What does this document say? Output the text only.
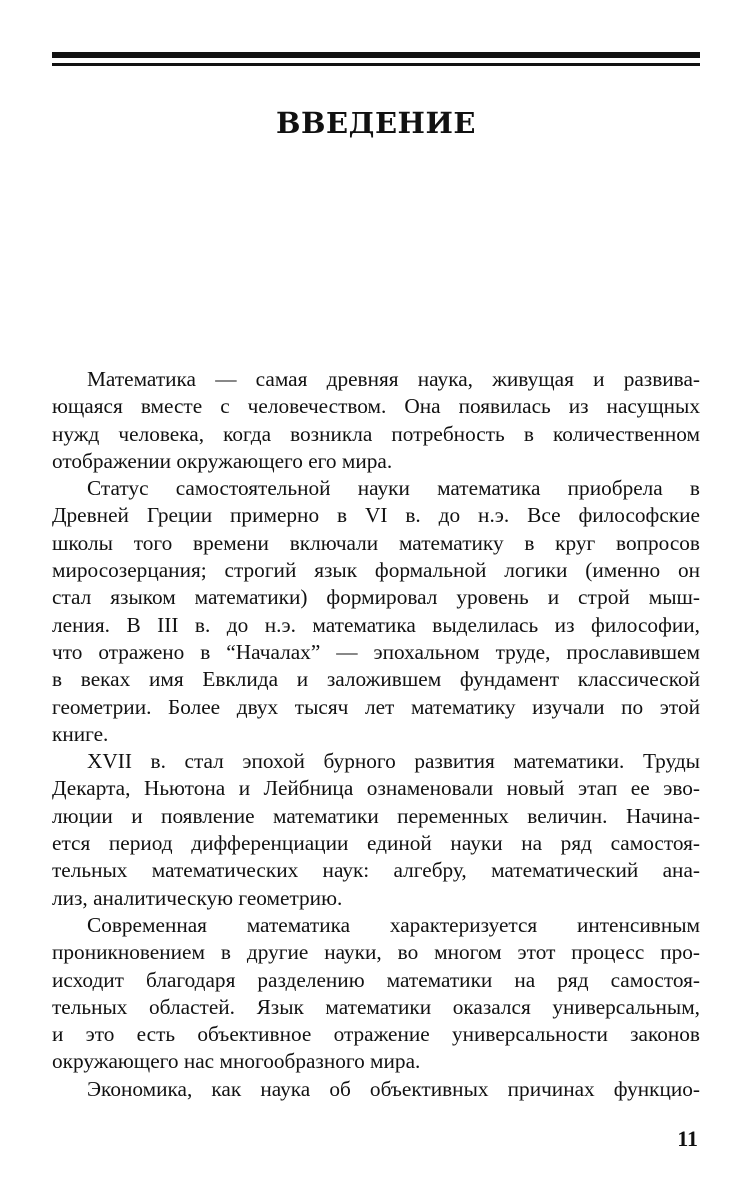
ВВЕДЕНИЕ

Математика — самая древняя наука, живущая и развива-
ющаяся вместе с человечеством. Она появилась из насущных
нужд человека, когда возникла потребность в количественном
отображении окружающего его мира.

Статус самостоятельной науки математика приобрела в
Древней Греции примерно в VI в. до н.э. Все философские
школы того времени включали математику в круг вопросов
миросозерцания; строгий язык формальной логики (именно он
стал языком математики) формировал уровень и строй мыш-
ления. В III в. до н.э. математика выделилась из философии,
что отражено в “Началах” — эпохальном труде, прославившем
в веках имя Евклида и заложившем фундамент классической
геометрии. Более двух тысяч лет математику изучали по этой
книге.

XVII в. стал эпохой бурного развития математики. Труды
Декарта, Ньютона и Лейбница ознаменовали новый этап ее эво-
люции и появление математики переменных величин. Начина-
ется период дифференциации единой науки на ряд самостоя-
тельных математических наук: алгебру, математический ана-
лиз, аналитическую геометрию.

Современная математика характеризуется интенсивным
проникновением в другие науки, во многом этот процесс про-
исходит благодаря разделению математики на ряд самостоя-
тельных областей. Язык математики оказался универсальным,
и это есть объективное отражение универсальности законов
окружающего нас многообразного мира.

Экономика, как наука об объективных причинах функцио-

11
